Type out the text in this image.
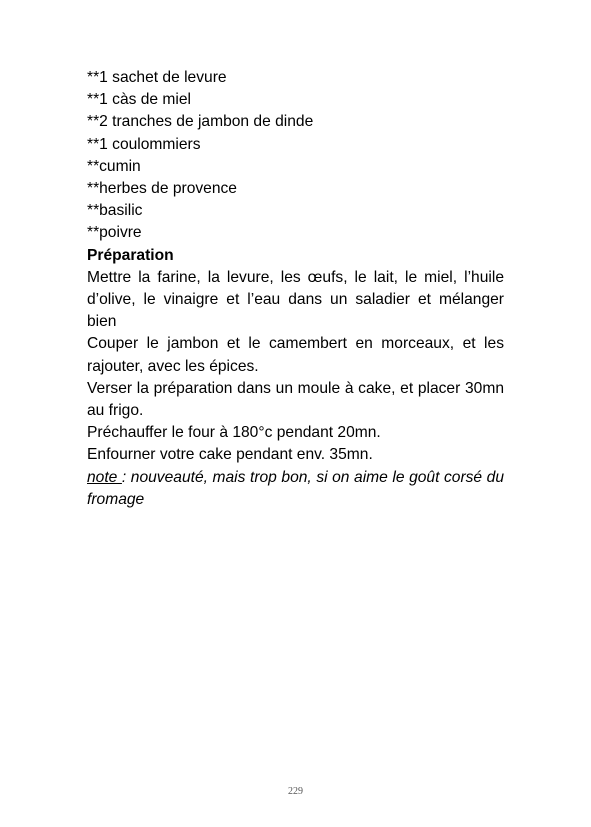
**1 sachet de levure
**1 càs de miel
**2 tranches de jambon de dinde
**1 coulommiers
**cumin
**herbes de provence
**basilic
**poivre
Préparation

Mettre la farine, la levure, les œufs, le lait, le miel, l’huile d’olive, le vinaigre et l’eau dans un saladier et mélanger bien

Couper le jambon et le camembert en morceaux, et les rajouter, avec les épices.

Verser la préparation dans un moule à cake, et placer 30mn au frigo.

Préchauffer le four à 180°c pendant 20mn.

Enfourner votre cake pendant env. 35mn.

note : nouveauté, mais trop bon, si on aime le goût corsé du fromage

229
